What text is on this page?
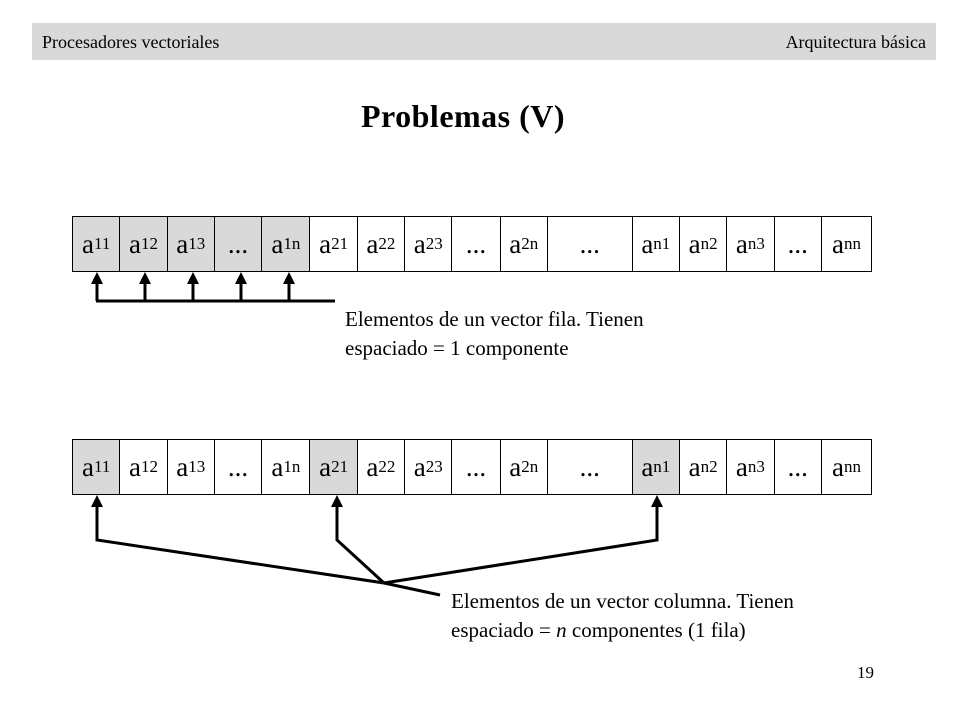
Procesadores vectoriales	Arquitectura básica
Problemas (V)
a 11 a 12 a 13 ... a 1n a 21 a 22 a 23 ... a 2n ... a n1 a n2 a n3 ... a nn
a 11 a 12 a 13 ... a 1n a 21 a 22 a 23 ... a 2n ... a n1 a n2 a n3 ... a nn
Elementos de un vector fila. Tienen
espaciado = 1 componente
Elementos de un vector columna. Tienen
espaciado = n componentes (1 fila)
19
